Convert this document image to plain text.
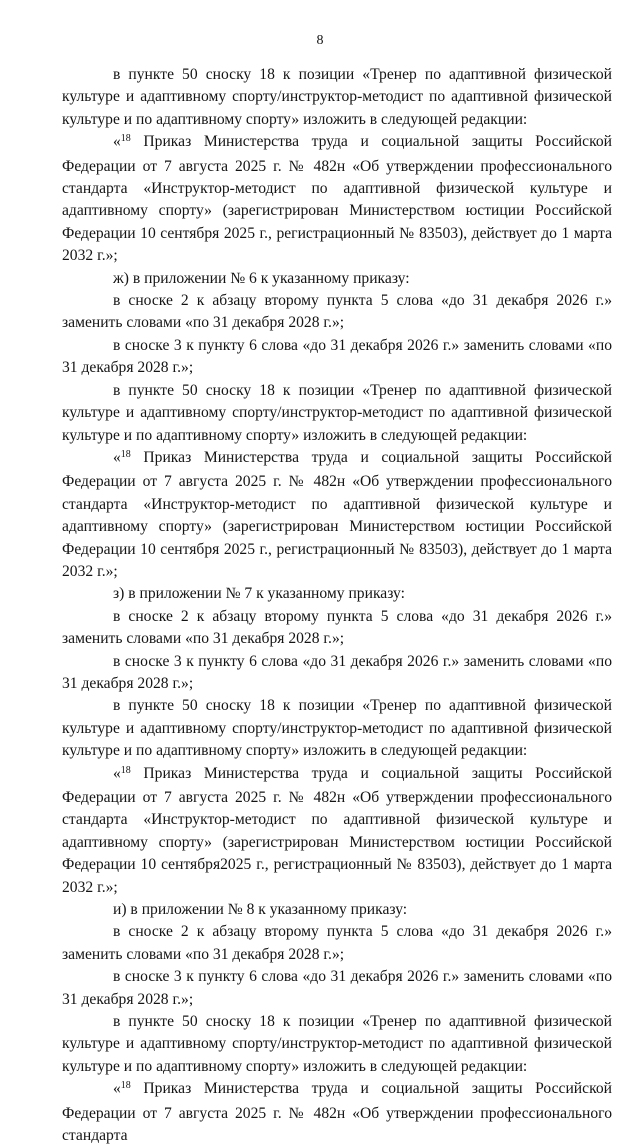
8

в пункте 50 сноску 18 к позиции «Тренер по адаптивной физической культуре и адаптивному спорту/инструктор-методист по адаптивной физической культуре и по адаптивному спорту» изложить в следующей редакции:

«$^{18}$ Приказ Министерства труда и социальной защиты Российской Федерации от 7 августа 2025 г. № 482н «Об утверждении профессионального стандарта «Инструктор-методист по адаптивной физической культуре и адаптивному спорту» (зарегистрирован Министерством юстиции Российской Федерации 10 сентября 2025 г., регистрационный № 83503), действует до 1 марта 2032 г.»;

ж) в приложении № 6 к указанному приказу:

в сноске 2 к абзацу второму пункта 5 слова «до 31 декабря 2026 г.» заменить словами «по 31 декабря 2028 г.»;

в сноске 3 к пункту 6 слова «до 31 декабря 2026 г.» заменить словами «по 31 декабря 2028 г.»;

в пункте 50 сноску 18 к позиции «Тренер по адаптивной физической культуре и адаптивному спорту/инструктор-методист по адаптивной физической культуре и по адаптивному спорту» изложить в следующей редакции:

«$^{18}$ Приказ Министерства труда и социальной защиты Российской Федерации от 7 августа 2025 г. № 482н «Об утверждении профессионального стандарта «Инструктор-методист по адаптивной физической культуре и адаптивному спорту» (зарегистрирован Министерством юстиции Российской Федерации 10 сентября 2025 г., регистрационный № 83503), действует до 1 марта 2032 г.»;

з) в приложении № 7 к указанному приказу:

в сноске 2 к абзацу второму пункта 5 слова «до 31 декабря 2026 г.» заменить словами «по 31 декабря 2028 г.»;

в сноске 3 к пункту 6 слова «до 31 декабря 2026 г.» заменить словами «по 31 декабря 2028 г.»;

в пункте 50 сноску 18 к позиции «Тренер по адаптивной физической культуре и адаптивному спорту/инструктор-методист по адаптивной физической культуре и по адаптивному спорту» изложить в следующей редакции:

«$^{18}$ Приказ Министерства труда и социальной защиты Российской Федерации от 7 августа 2025 г. № 482н «Об утверждении профессионального стандарта «Инструктор-методист по адаптивной физической культуре и адаптивному спорту» (зарегистрирован Министерством юстиции Российской Федерации 10 сентября2025 г., регистрационный № 83503), действует до 1 марта 2032 г.»;

и) в приложении № 8 к указанному приказу:

в сноске 2 к абзацу второму пункта 5 слова «до 31 декабря 2026 г.» заменить словами «по 31 декабря 2028 г.»;

в сноске 3 к пункту 6 слова «до 31 декабря 2026 г.» заменить словами «по 31 декабря 2028 г.»;

в пункте 50 сноску 18 к позиции «Тренер по адаптивной физической культуре и адаптивному спорту/инструктор-методист по адаптивной физической культуре и по адаптивному спорту» изложить в следующей редакции:

«$^{18}$ Приказ Министерства труда и социальной защиты Российской Федерации от 7 августа 2025 г. № 482н «Об утверждении профессионального стандарта
